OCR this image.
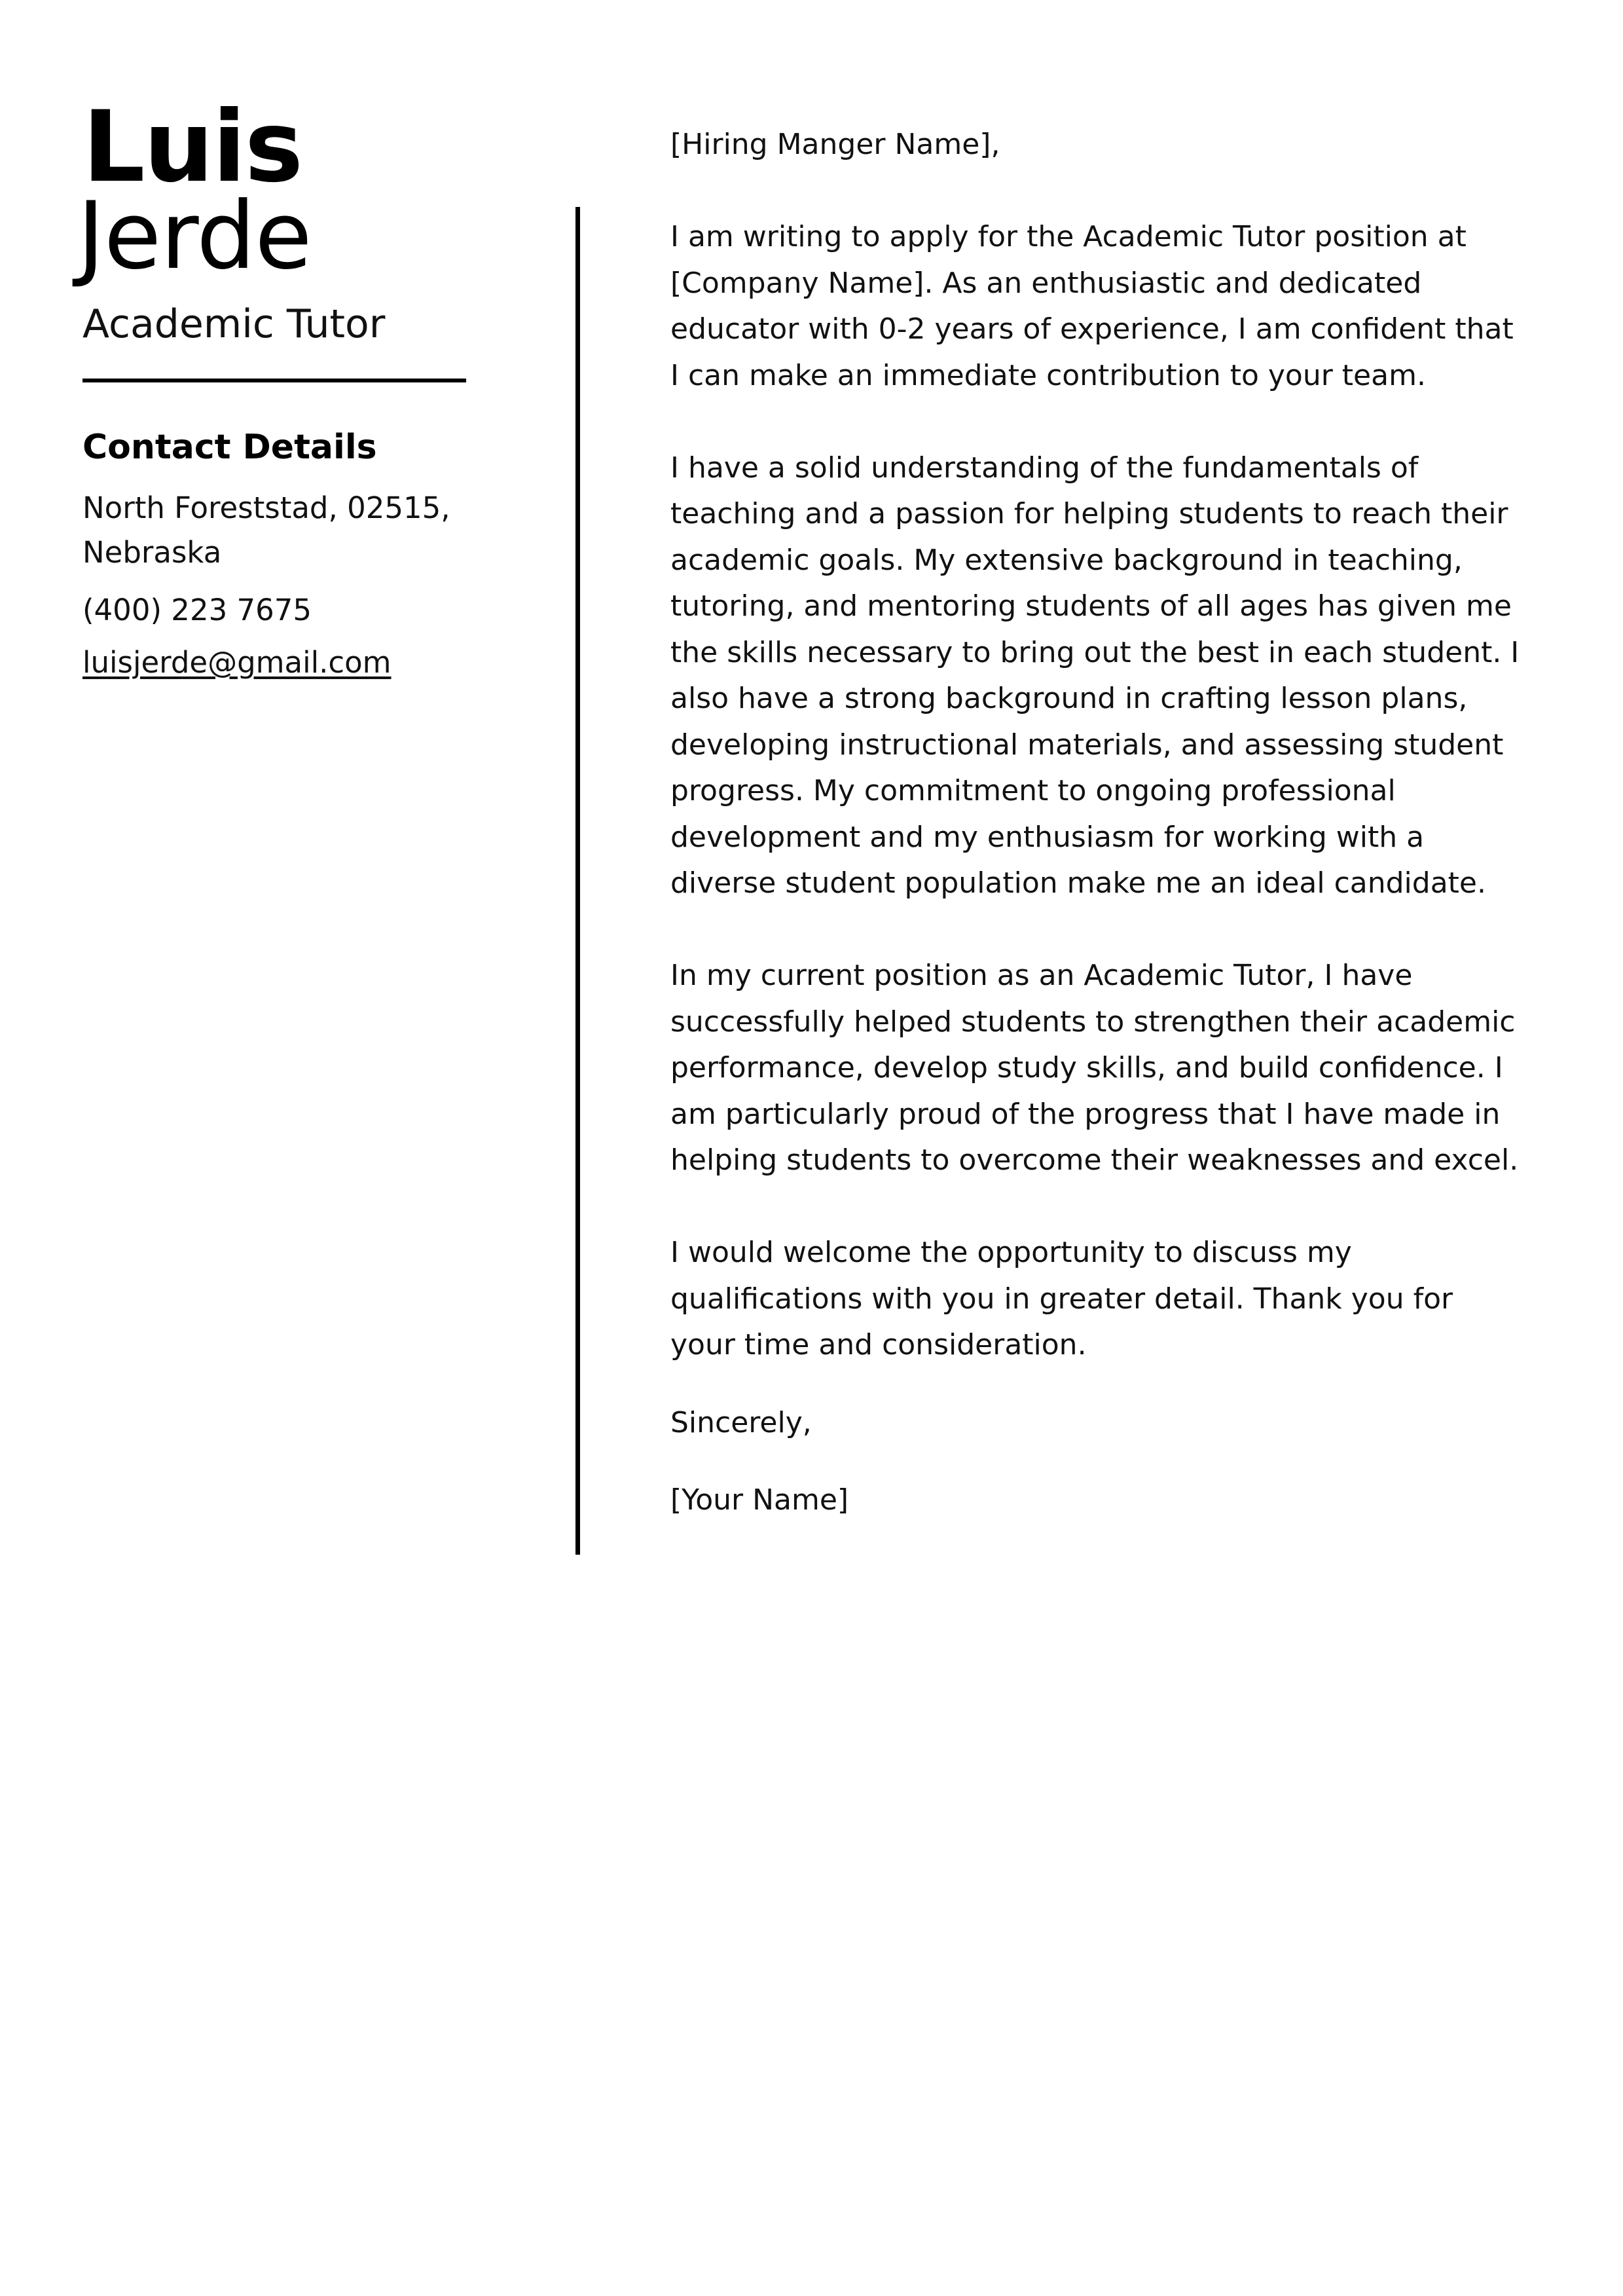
Luis
Jerde
Academic Tutor
Contact Details
North Foreststad, 02515, Nebraska
(400) 223 7675
luisjerde@gmail.com

[Hiring Manger Name],

I am writing to apply for the Academic Tutor position at [Company Name]. As an enthusiastic and dedicated educator with 0-2 years of experience, I am confident that I can make an immediate contribution to your team.

I have a solid understanding of the fundamentals of teaching and a passion for helping students to reach their academic goals. My extensive background in teaching, tutoring, and mentoring students of all ages has given me the skills necessary to bring out the best in each student. I also have a strong background in crafting lesson plans, developing instructional materials, and assessing student progress. My commitment to ongoing professional development and my enthusiasm for working with a diverse student population make me an ideal candidate.

In my current position as an Academic Tutor, I have successfully helped students to strengthen their academic performance, develop study skills, and build confidence. I am particularly proud of the progress that I have made in helping students to overcome their weaknesses and excel.

I would welcome the opportunity to discuss my qualifications with you in greater detail. Thank you for your time and consideration.

Sincerely,

[Your Name]
